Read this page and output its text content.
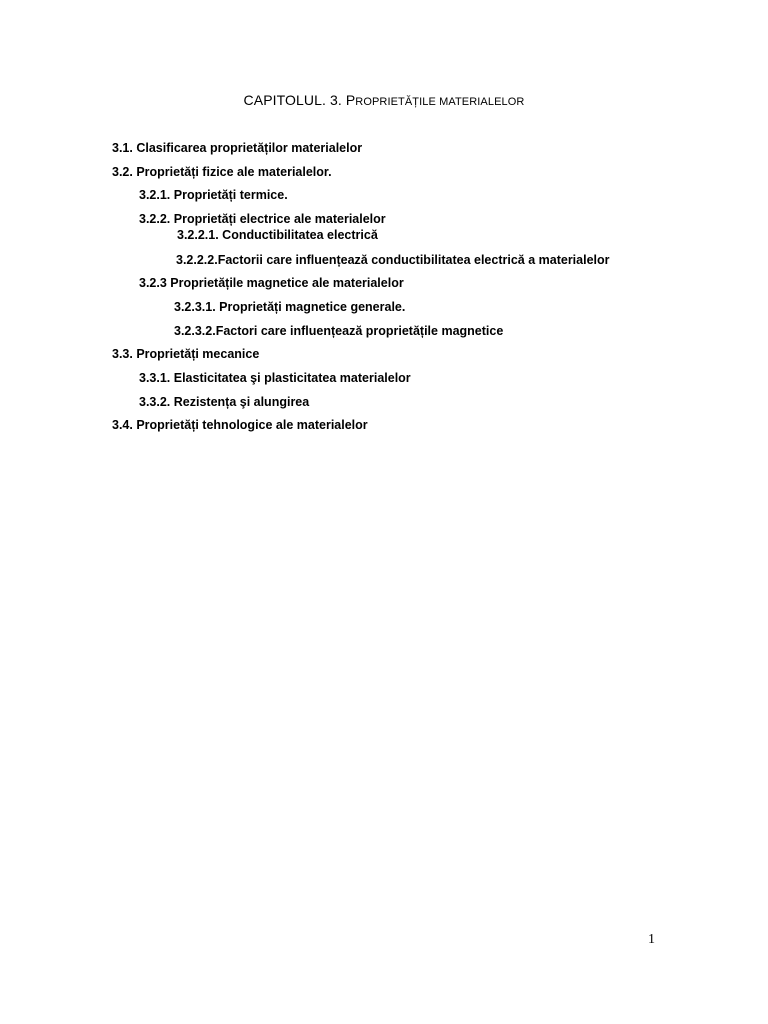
CAPITOLUL. 3. PROPRIETĂȚILE MATERIALELOR
3.1. Clasificarea proprietăților materialelor
3.2. Proprietăți fizice ale materialelor.
3.2.1. Proprietăți termice.
3.2.2. Proprietăți electrice ale materialelor
3.2.2.1. Conductibilitatea electrică
3.2.2.2.Factorii care influențează conductibilitatea electrică a materialelor
3.2.3 Proprietățile magnetice ale materialelor
3.2.3.1. Proprietăți magnetice generale.
3.2.3.2.Factori care influențează proprietățile magnetice
3.3. Proprietăți mecanice
3.3.1. Elasticitatea şi plasticitatea materialelor
3.3.2. Rezistența şi alungirea
3.4. Proprietăți tehnologice ale materialelor
1
